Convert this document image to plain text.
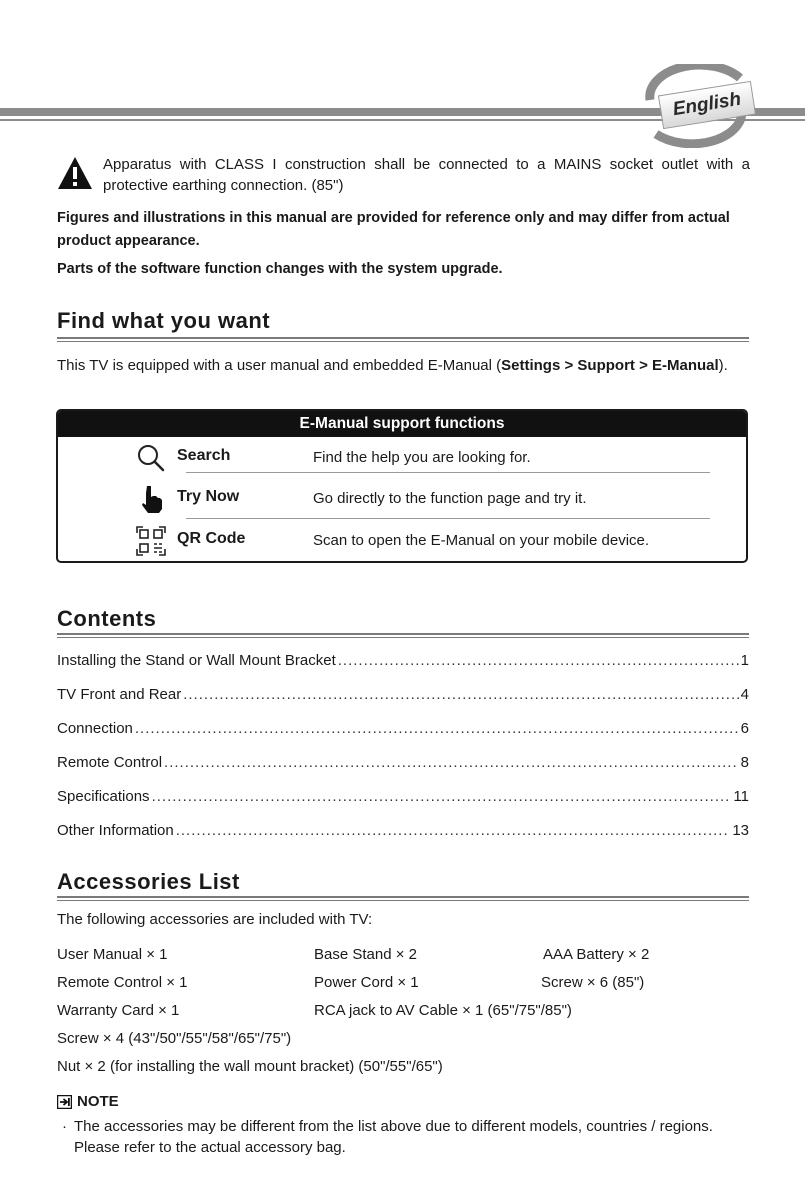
English
Apparatus with CLASS I construction shall be connected to a MAINS socket outlet with a protective earthing connection. (85")
Figures and illustrations in this manual are provided for reference only and may differ from actual product appearance.
Parts of the software function changes with the system upgrade.
Find what you want
This TV is equipped with a user manual and embedded E-Manual (Settings > Support > E-Manual).
E-Manual support functions
Search	Find the help you are looking for.
Try Now	Go directly to the function page and try it.
QR Code	Scan to open the E-Manual on your mobile device.
Contents
Installing the Stand or Wall Mount Bracket .....	1
TV Front and Rear .....	4
Connection .....	6
Remote Control .....	8
Specifications .....	11
Other Information .....	13
Accessories List
The following accessories are included with TV:
User Manual × 1	Base Stand × 2	AAA Battery × 2
Remote Control × 1	Power Cord × 1	Screw × 6 (85")
Warranty Card × 1	RCA jack to AV Cable × 1 (65"/75"/85")
Screw × 4 (43"/50"/55"/58"/65"/75")
Nut × 2 (for installing the wall mount bracket) (50"/55"/65")
NOTE
· The accessories may be different from the list above due to different models, countries / regions. Please refer to the actual accessory bag.
